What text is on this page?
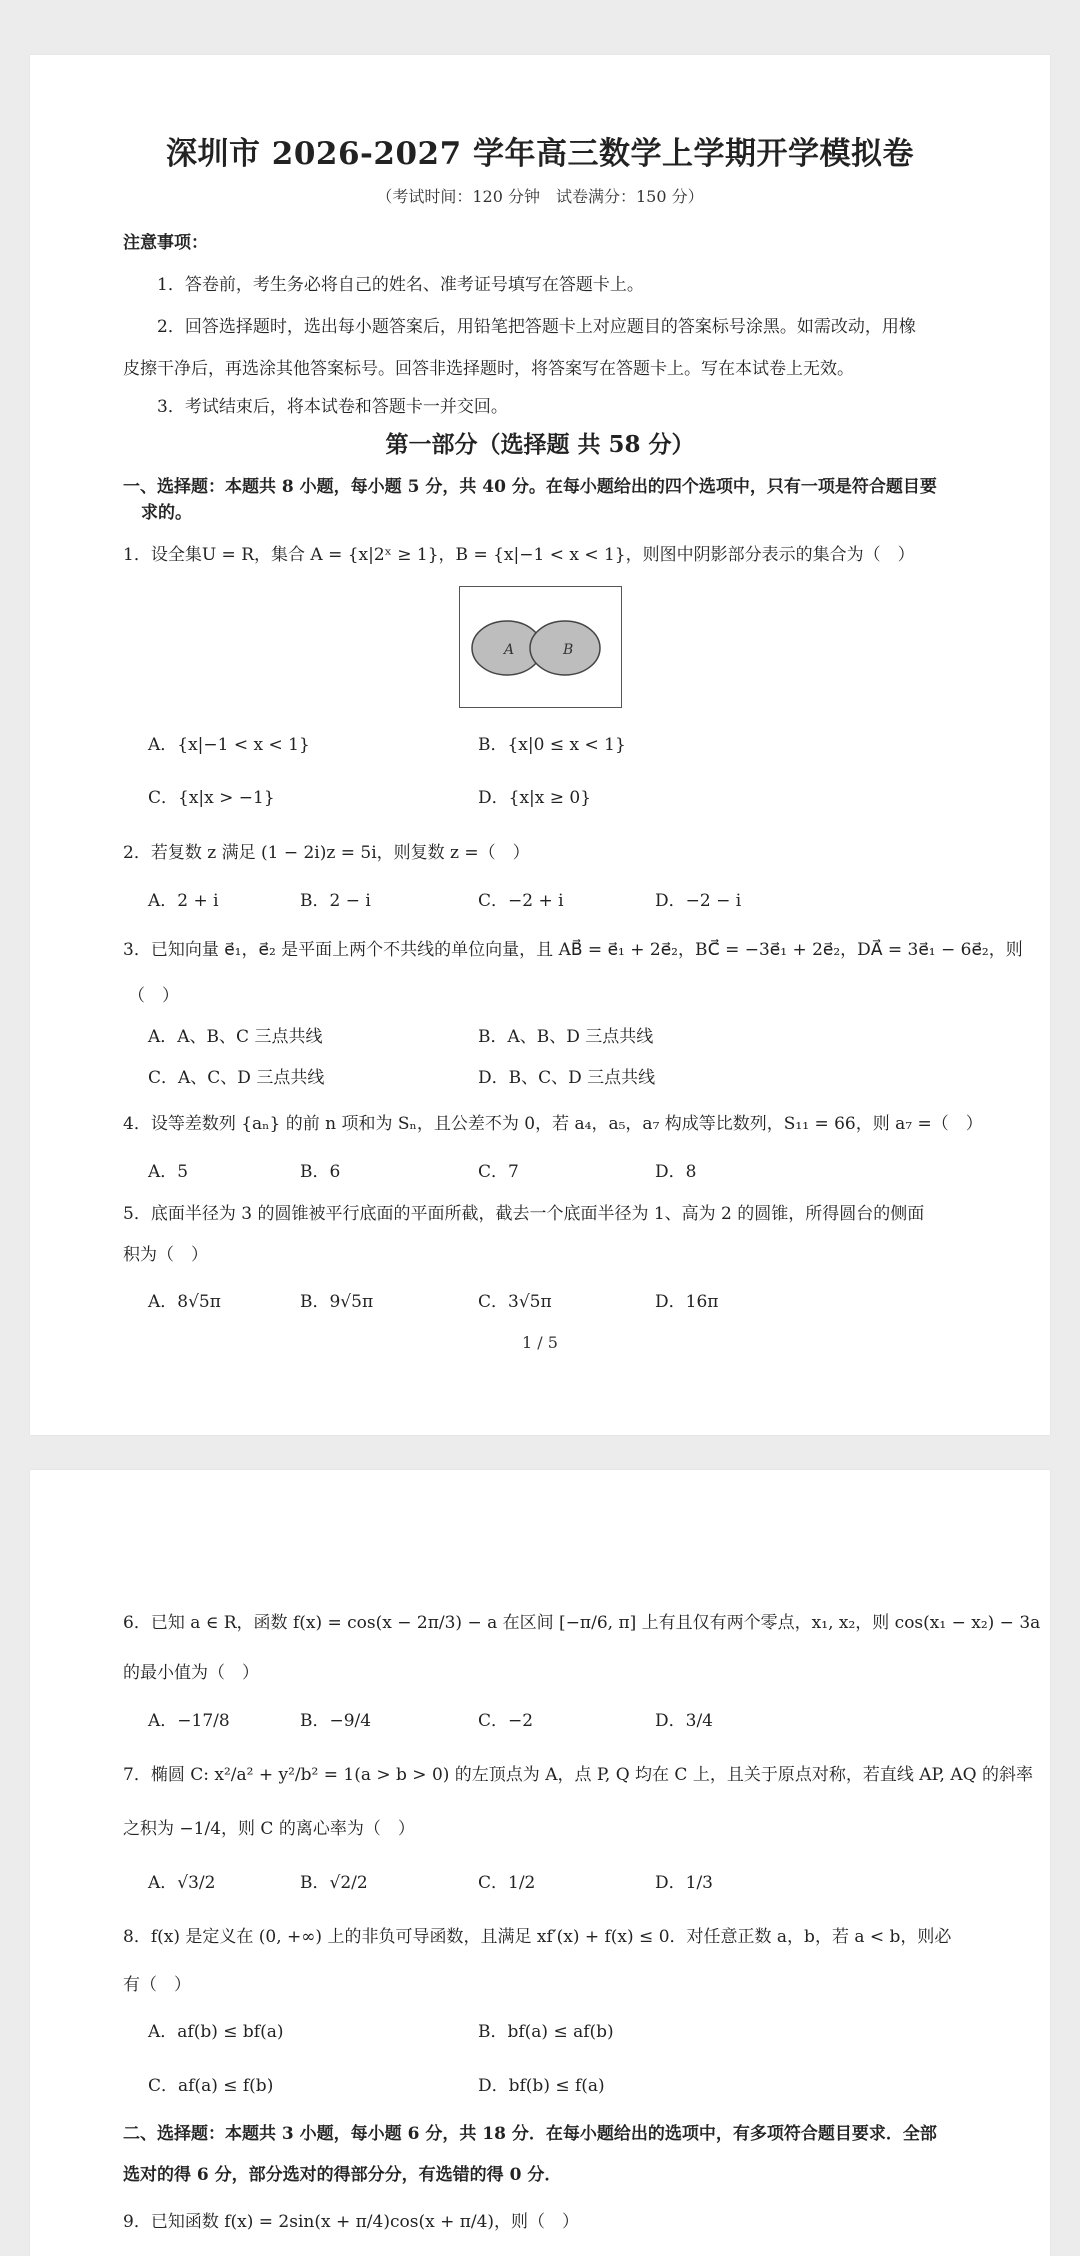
深圳市 2026-2027 学年高三数学上学期开学模拟卷
（考试时间：120 分钟　试卷满分：150 分）
注意事项：
1．答卷前，考生务必将自己的姓名、准考证号填写在答题卡上。
2．回答选择题时，选出每小题答案后，用铅笔把答题卡上对应题目的答案标号涂黑。如需改动，用橡
皮擦干净后，再选涂其他答案标号。回答非选择题时，将答案写在答题卡上。写在本试卷上无效。
3．考试结束后，将本试卷和答题卡一并交回。
第一部分（选择题 共 58 分）
一、选择题：本题共 8 小题，每小题 5 分，共 40 分。在每小题给出的四个选项中，只有一项是符合题目要
求的。
1．设全集U = R，集合 A = {x|2ˣ ≥ 1}，B = {x|−1 < x < 1}，则图中阴影部分表示的集合为（　）
A	B
A．{x|−1 < x < 1}	B．{x|0 ≤ x < 1}
C．{x|x > −1}	D．{x|x ≥ 0}
2．若复数 z 满足 (1 − 2i)z = 5i，则复数 z =（　）
A．2 + i	B．2 − i	C．−2 + i	D．−2 − i
3．已知向量 e⃗₁，e⃗₂ 是平面上两个不共线的单位向量，且 AB⃗ = e⃗₁ + 2e⃗₂，BC⃗ = −3e⃗₁ + 2e⃗₂，DA⃗ = 3e⃗₁ − 6e⃗₂，则
（　）
A．A、B、C 三点共线	B．A、B、D 三点共线
C．A、C、D 三点共线	D．B、C、D 三点共线
4．设等差数列 {aₙ} 的前 n 项和为 Sₙ，且公差不为 0，若 a₄，a₅，a₇ 构成等比数列，S₁₁ = 66，则 a₇ =（　）
A．5	B．6	C．7	D．8
5．底面半径为 3 的圆锥被平行底面的平面所截，截去一个底面半径为 1、高为 2 的圆锥，所得圆台的侧面
积为（　）
A．8√5π	B．9√5π	C．3√5π	D．16π
1 / 5
6．已知 a ∈ R，函数 f(x) = cos(x − 2π/3) − a 在区间 [−π/6, π] 上有且仅有两个零点，x₁, x₂，则 cos(x₁ − x₂) − 3a
的最小值为（　）
A．−17/8	B．−9/4	C．−2	D．3/4
7．椭圆 C: x²/a² + y²/b² = 1(a > b > 0) 的左顶点为 A，点 P, Q 均在 C 上，且关于原点对称，若直线 AP, AQ 的斜率
之积为 −1/4，则 C 的离心率为（　）
A．√3/2	B．√2/2	C．1/2	D．1/3
8．f(x) 是定义在 (0, +∞) 上的非负可导函数，且满足 xf′(x) + f(x) ≤ 0．对任意正数 a，b，若 a < b，则必
有（　）
A．af(b) ≤ bf(a)	B．bf(a) ≤ af(b)
C．af(a) ≤ f(b)	D．bf(b) ≤ f(a)
二、选择题：本题共 3 小题，每小题 6 分，共 18 分．在每小题给出的选项中，有多项符合题目要求．全部
选对的得 6 分，部分选对的得部分分，有选错的得 0 分．
9．已知函数 f(x) = 2sin(x + π/4)cos(x + π/4)，则（　）
